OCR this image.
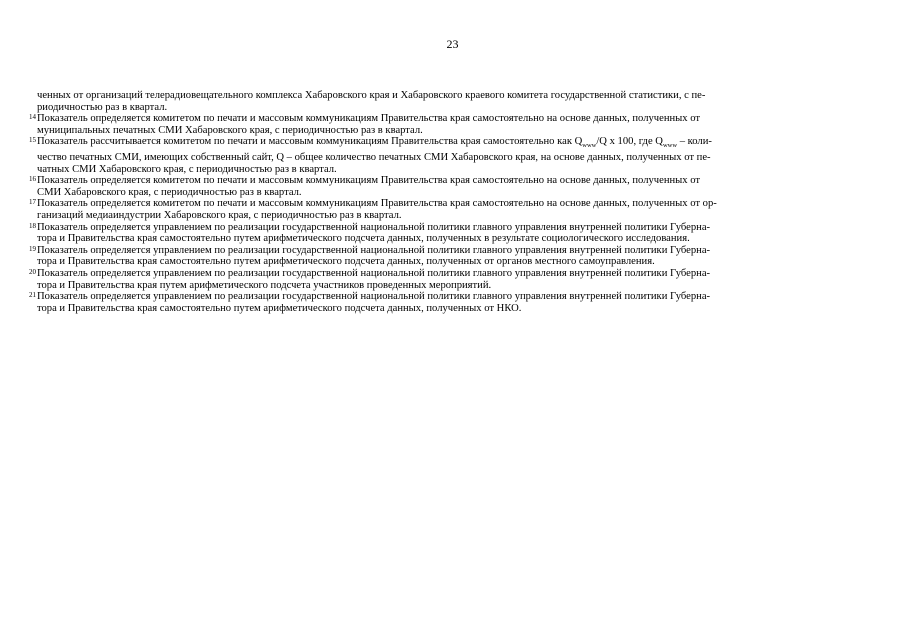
23
ченных от организаций телерадиовещательного комплекса Хабаровского края и Хабаровского краевого комитета государственной статистики, с пе-
риодичностью раз в квартал.
14 Показатель определяется комитетом по печати и массовым коммуникациям Правительства края самостоятельно на основе данных, полученных от
муниципальных печатных СМИ Хабаровского края, с периодичностью раз в квартал.
15 Показатель рассчитывается комитетом по печати и массовым коммуникациям Правительства края самостоятельно как $Q_{www}/Q$ х 100, где $Q_{www}$ – коли-
чество печатных СМИ, имеющих собственный сайт, Q – общее количество печатных СМИ Хабаровского края, на основе данных, полученных от пе-
чатных СМИ Хабаровского края, с периодичностью раз в квартал.
16 Показатель определяется комитетом по печати и массовым коммуникациям Правительства края самостоятельно на основе данных, полученных от
СМИ Хабаровского края, с периодичностью раз в квартал.
17 Показатель определяется комитетом по печати и массовым коммуникациям Правительства края самостоятельно на основе данных, полученных от ор-
ганизаций медиаиндустрии Хабаровского края, с периодичностью раз в квартал.
18 Показатель определяется управлением по реализации государственной национальной политики главного управления внутренней политики Губерна-
тора и Правительства края самостоятельно путем арифметического подсчета данных, полученных в результате социологического исследования.
19 Показатель определяется управлением по реализации государственной национальной политики главного управления внутренней политики Губерна-
тора и Правительства края самостоятельно путем арифметического подсчета данных, полученных от органов местного самоуправления.
20 Показатель определяется управлением по реализации государственной национальной политики главного управления внутренней политики Губерна-
тора и Правительства края путем арифметического подсчета участников проведенных мероприятий.
21 Показатель определяется управлением по реализации государственной национальной политики главного управления внутренней политики Губерна-
тора и Правительства края самостоятельно путем арифметического подсчета данных, полученных от НКО.
